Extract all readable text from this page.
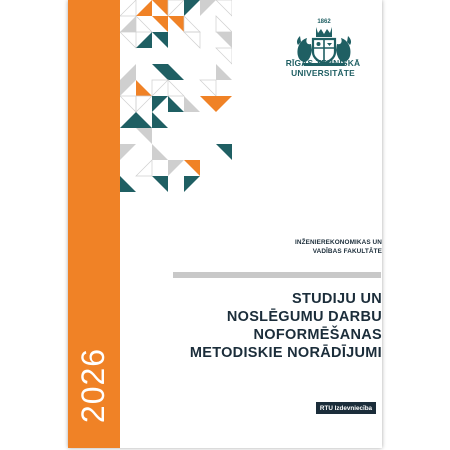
2026
1862
RĪGAS TEHNISKĀ
UNIVERSITĀTE
INŽENIEREKONOMIKAS UN
VADĪBAS FAKULTĀTE
STUDIJU UN
NOSLĒGUMU DARBU
NOFORMĒŠANAS
METODISKIE NORĀDĪJUMI
RTU Izdevniecība
